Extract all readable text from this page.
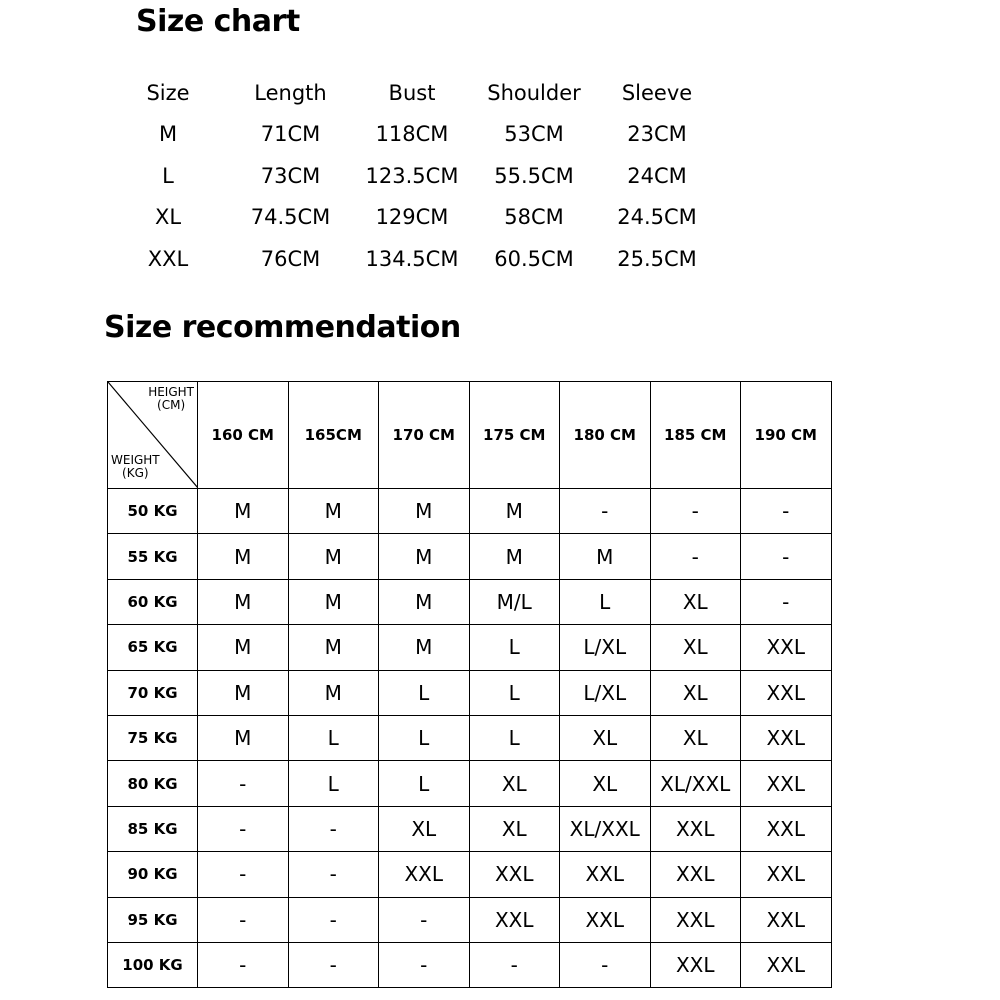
Size chart
Size	Length	Bust	Shoulder	Sleeve
M	71CM	118CM	53CM	23CM
L	73CM	123.5CM	55.5CM	24CM
XL	74.5CM	129CM	58CM	24.5CM
XXL	76CM	134.5CM	60.5CM	25.5CM
Size recommendation
HEIGHT
(CM)
WEIGHT
(KG)	160 CM	165CM	170 CM	175 CM	180 CM	185 CM	190 CM
50 KG	M	M	M	M	-	-	-
55 KG	M	M	M	M	M	-	-
60 KG	M	M	M	M/L	L	XL	-
65 KG	M	M	M	L	L/XL	XL	XXL
70 KG	M	M	L	L	L/XL	XL	XXL
75 KG	M	L	L	L	XL	XL	XXL
80 KG	-	L	L	XL	XL	XL/XXL	XXL
85 KG	-	-	XL	XL	XL/XXL	XXL	XXL
90 KG	-	-	XXL	XXL	XXL	XXL	XXL
95 KG	-	-	-	XXL	XXL	XXL	XXL
100 KG	-	-	-	-	-	XXL	XXL
